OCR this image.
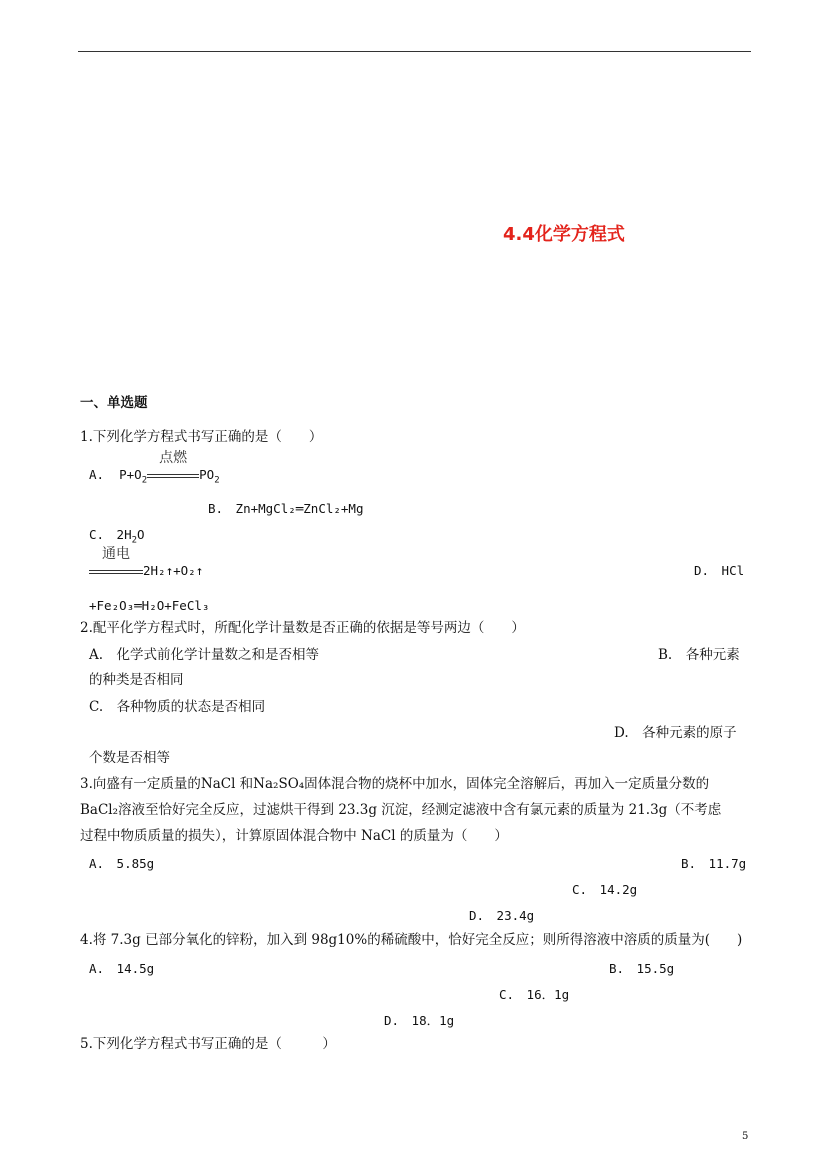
4.4化学方程式
一、单选题
1.下列化学方程式书写正确的是（　　）
A. $P+O_2$
点燃
$PO_2$
B.　Zn+MgCl₂═ZnCl₂+Mg
C.　$2H_2O$
通电
2H₂↑+O₂↑	D.　HCl
+Fe₂O₃═H₂O+FeCl₃
2.配平化学方程式时，所配化学计量数是否正确的依据是等号两边（　　）
A.　化学式前化学计量数之和是否相等	B.　各种元素
的种类是否相同
C.　各种物质的状态是否相同
D.　各种元素的原子
个数是否相等
3.向盛有一定质量的NaCl 和Na₂SO₄固体混合物的烧杯中加水，固体完全溶解后，再加入一定质量分数的
BaCl₂溶液至恰好完全反应，过滤烘干得到 23.3g 沉淀，经测定滤液中含有氯元素的质量为 21.3g（不考虑
过程中物质质量的损失），计算原固体混合物中 NaCl 的质量为（　　）
A.　5.85g	B.　11.7g
C.　14.2g
D.　23.4g
4.将 7.3g 已部分氧化的锌粉，加入到 98g10%的稀硫酸中，恰好完全反应；则所得溶液中溶质的质量为(　　)
A.　14.5g	B.　15.5g
C.　16．1g
D.　18．1g
5.下列化学方程式书写正确的是（　　　）
5
